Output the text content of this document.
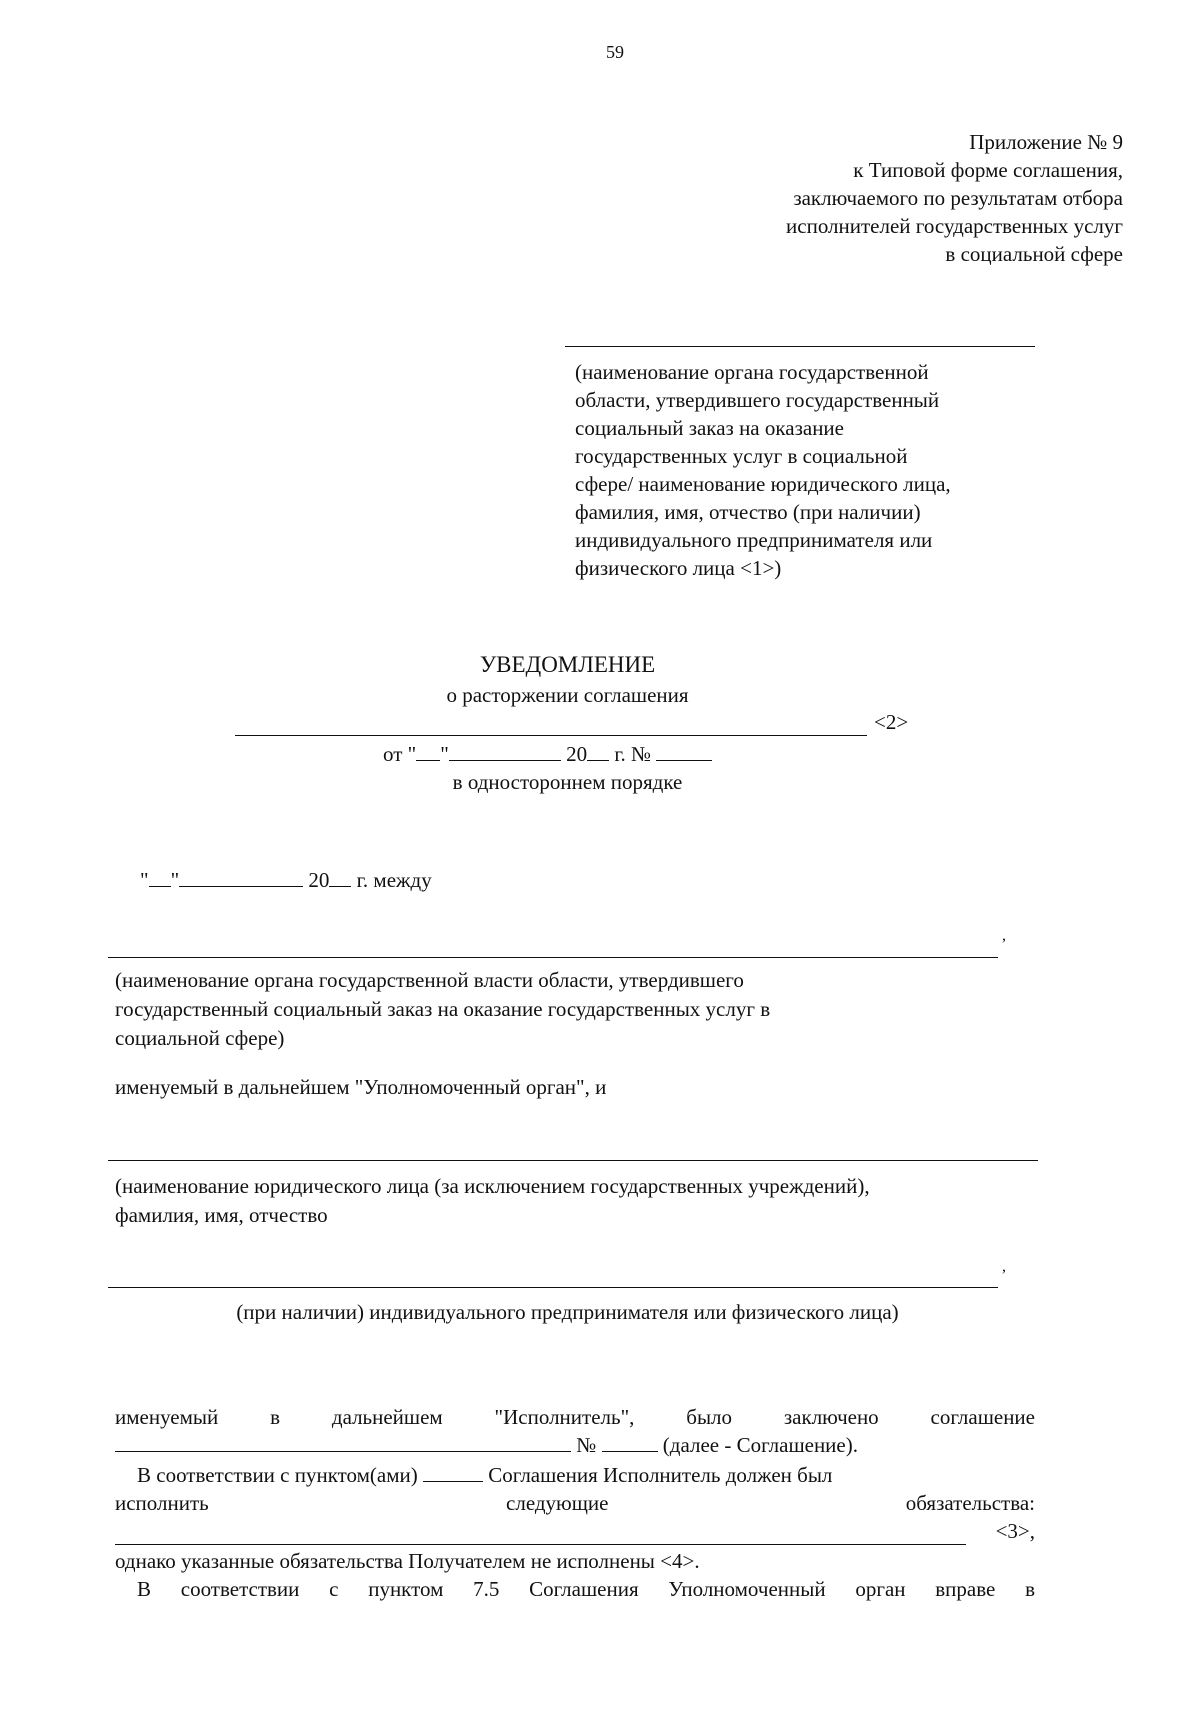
59
Приложение № 9
к Типовой форме соглашения,
заключаемого по результатам отбора
исполнителей государственных услуг
в социальной сфере
(наименование органа государственной
области, утвердившего государственный
социальный заказ на оказание
государственных услуг в социальной
сфере/ наименование юридического лица,
фамилия, имя, отчество (при наличии)
индивидуального предпринимателя или
физического лица <1>)
УВЕДОМЛЕНИЕ
о расторжении соглашения
<2>
от " "	20 г. №
в одностороннем порядке
" "	20 г. между
,
(наименование органа государственной власти области, утвердившего
государственный социальный заказ на оказание государственных услуг в
социальной сфере)
именуемый в дальнейшем "Уполномоченный орган", и
(наименование юридического лица (за исключением государственных учреждений),
фамилия, имя, отчество
,
(при наличии) индивидуального предпринимателя или физического лица)
именуемый в дальнейшем "Исполнитель", было заключено соглашение
№	(далее - Соглашение).
В соответствии с пунктом(ами)	Соглашения Исполнитель должен был
исполнить	следующие	обязательства:
<3>,
однако указанные обязательства Получателем не исполнены <4>.
В соответствии с пунктом 7.5 Соглашения Уполномоченный орган вправе в
